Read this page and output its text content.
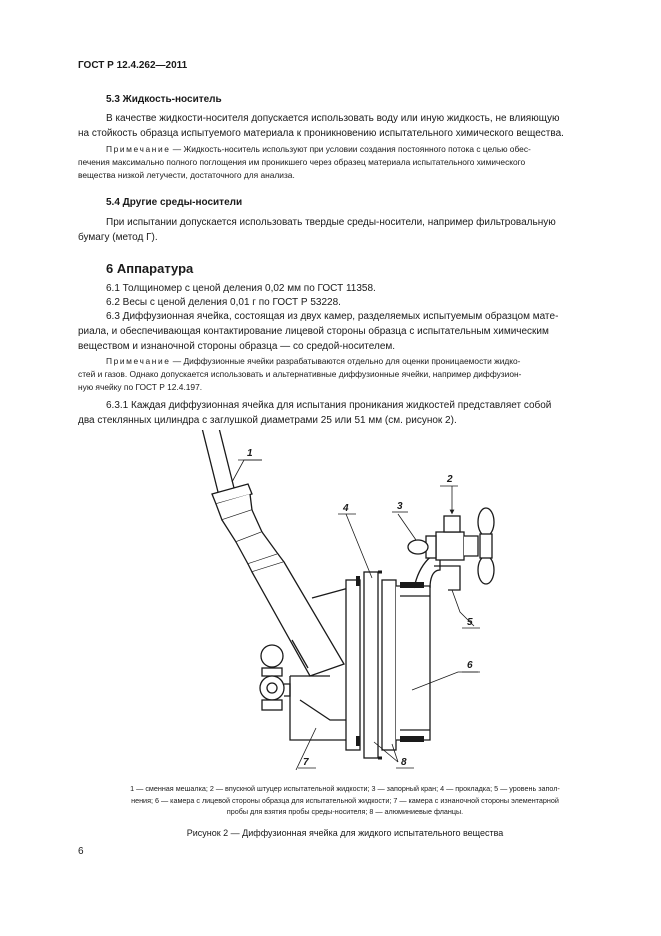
ГОСТ Р 12.4.262—2011
5.3 Жидкость-носитель
В качестве жидкости-носителя допускается использовать воду или иную жидкость, не влияющую
на стойкость образца испытуемого материала к проникновению испытательного химического вещества.
Примечание — Жидкость-носитель используют при условии создания постоянного потока с целью обес-
печения максимально полного поглощения им проникшего через образец материала испытательного химического
вещества низкой летучести, достаточного для анализа.
5.4 Другие среды-носители
При испытании допускается использовать твердые среды-носители, например фильтровальную
бумагу (метод Г).
6 Аппаратура
6.1 Толщиномер с ценой деления 0,02 мм по ГОСТ 11358.
6.2 Весы с ценой деления 0,01 г по ГОСТ Р 53228.
6.3 Диффузионная ячейка, состоящая из двух камер, разделяемых испытуемым образцом матe-
риала, и обеспечивающая контактирование лицевой стороны образца с испытательным химическим
веществом и изнаночной стороны образца — со средой-носителем.
Примечание — Диффузионные ячейки разрабатываются отдельно для оценки проницаемости жидко-
стей и газов. Однако допускается использовать и альтернативные диффузионные ячейки, например диффузион-
ную ячейку по ГОСТ Р 12.4.197.
6.3.1 Каждая диффузионная ячейка для испытания проникания жидкостей представляет собой
два стеклянных цилиндра с заглушкой диаметрами 25 или 51 мм (см. рисунок 2).
1
2
3
4
5
6
7	8
1 — сменная мешалка; 2 — впускной штуцер испытательной жидкости; 3 — запорный кран; 4 — прокладка; 5 — уровень запол-
нения; 6 — камера с лицевой стороны образца для испытательной жидкости; 7 — камера с изнаночной стороны элементарной
пробы для взятия пробы среды-носителя; 8 — алюминиевые фланцы.
Рисунок 2 — Диффузионная ячейка для жидкого испытательного вещества
6
